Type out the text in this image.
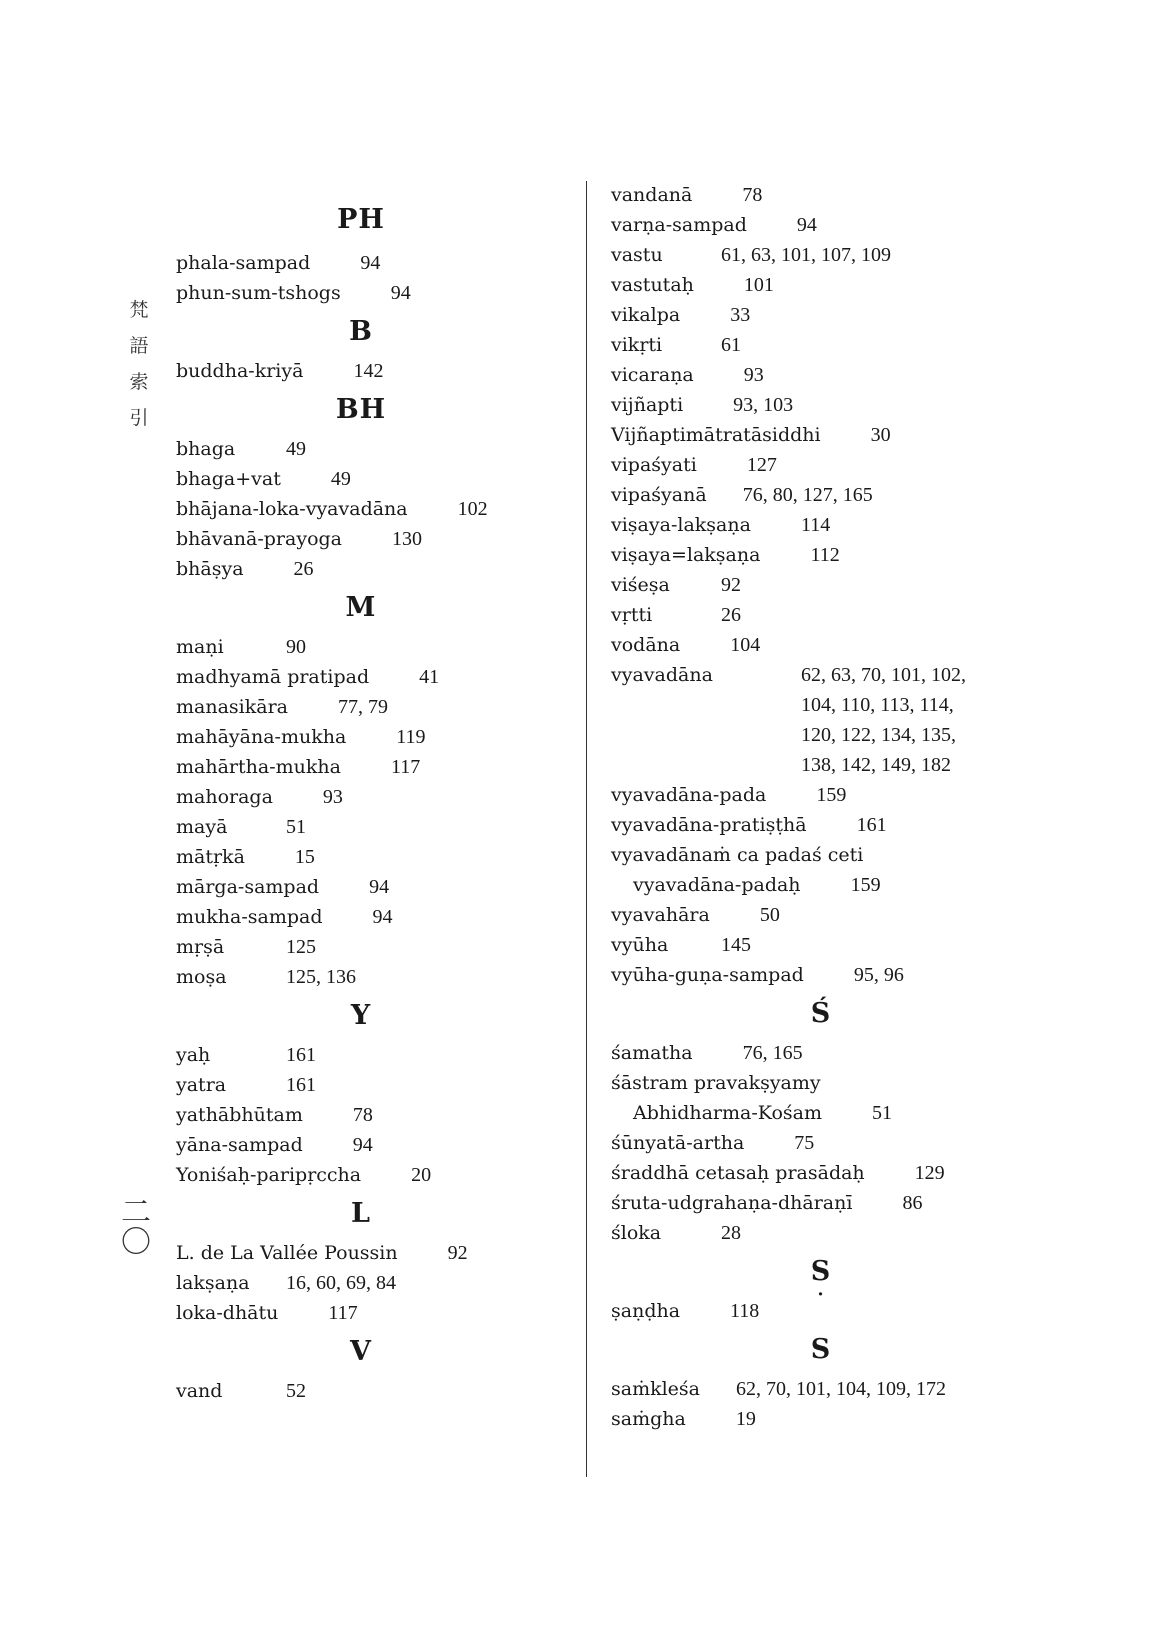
梵
語
索
引
二〇
PH
phala-sampad	94
phun-sum-tshogs	94
B
buddha-kriyā	142
BH
bhaga	49
bhaga+vat	49
bhājana-loka-vyavadāna	102
bhāvanā-prayoga	130
bhāṣya	26
M
maṇi	90
madhyamā pratipad	41
manasikāra	77, 79
mahāyāna-mukha	119
mahārtha-mukha	117
mahoraga	93
mayā	51
mātṛkā	15
mārga-sampad	94
mukha-sampad	94
mṛṣā	125
moṣa	125, 136
Y
yaḥ	161
yatra	161
yathābhūtam	78
yāna-sampad	94
Yoniśaḥ-paripṛccha	20
L
L. de La Vallée Poussin	92
lakṣaṇa 16, 60, 69, 84
loka-dhātu	117
V
vand	52
vandanā	78
varṇa-sampad	94
vastu	61, 63, 101, 107, 109
vastutaḥ	101
vikalpa	33
vikṛti	61
vicaraṇa	93
vijñapti	93, 103
Vijñaptimātratāsiddhi	30
vipaśyati	127
vipaśyanā 76, 80, 127, 165
viṣaya-lakṣaṇa	114
viṣaya=lakṣaṇa	112
viśeṣa	92
vṛtti	26
vodāna	104
vyavadāna	62, 63, 70, 101, 102,
104, 110, 113, 114,
120, 122, 134, 135,
138, 142, 149, 182
vyavadāna-pada	159
vyavadāna-pratiṣṭhā	161
vyavadānaṁ ca padaś ceti
vyavadāna-padaḥ	159
vyavahāra	50
vyūha	145
vyūha-guṇa-sampad	95, 96
Ś
śamatha	76, 165
śāstram pravakṣyamy
Abhidharma-Kośam	51
śūnyatā-artha	75
śraddhā cetasaḥ prasādaḥ	129
śruta-udgrahaṇa-dhāraṇī	86
śloka	28
S
·
ṣaṇḍha	118
S
saṁkleśa 62, 70, 101, 104, 109, 172
saṁgha	19
